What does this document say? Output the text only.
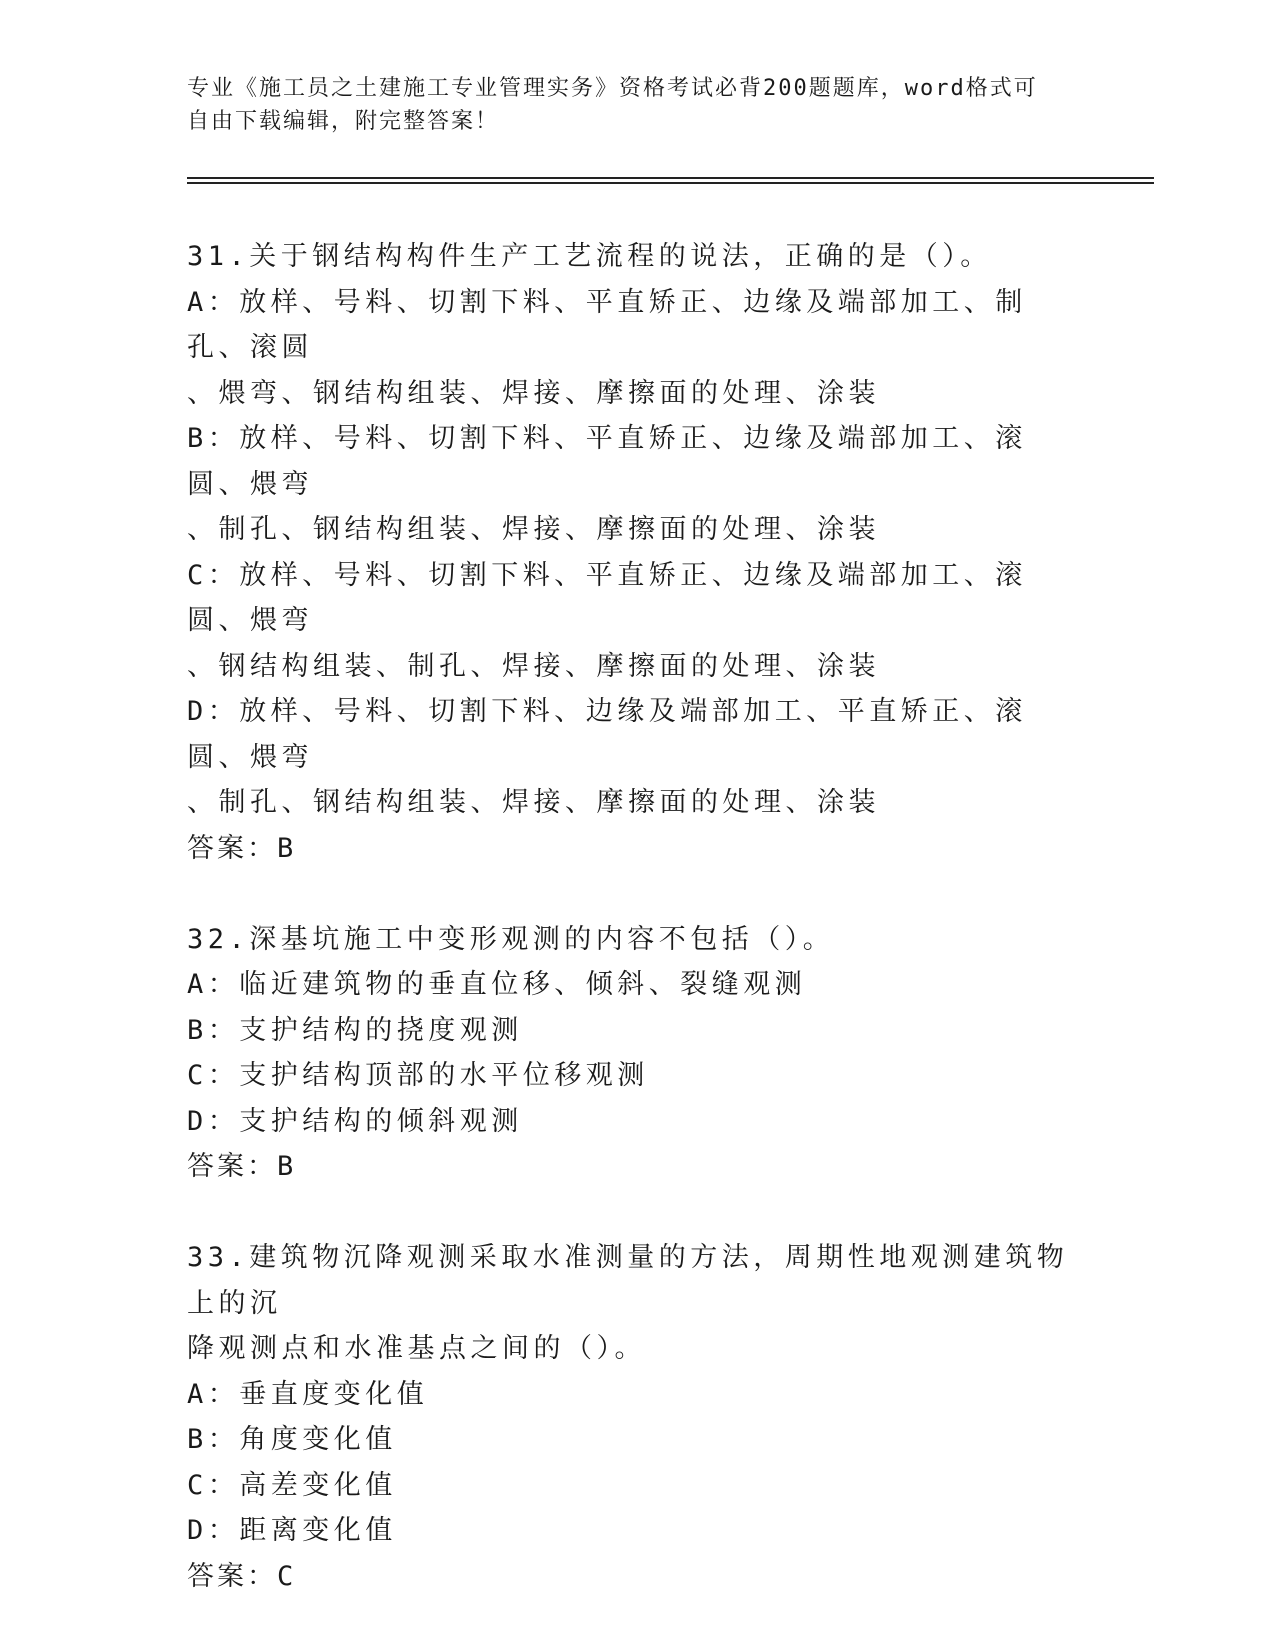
专业《施工员之土建施工专业管理实务》资格考试必背200题题库，word格式可
自由下载编辑，附完整答案！
31.关于钢结构构件生产工艺流程的说法，正确的是（）。
A：放样、号料、切割下料、平直矫正、边缘及端部加工、制孔、滚圆
、煨弯、钢结构组装、焊接、摩擦面的处理、涂装
B：放样、号料、切割下料、平直矫正、边缘及端部加工、滚圆、煨弯
、制孔、钢结构组装、焊接、摩擦面的处理、涂装
C：放样、号料、切割下料、平直矫正、边缘及端部加工、滚圆、煨弯
、钢结构组装、制孔、焊接、摩擦面的处理、涂装
D：放样、号料、切割下料、边缘及端部加工、平直矫正、滚圆、煨弯
、制孔、钢结构组装、焊接、摩擦面的处理、涂装
答案：B
32.深基坑施工中变形观测的内容不包括（）。
A：临近建筑物的垂直位移、倾斜、裂缝观测
B：支护结构的挠度观测
C：支护结构顶部的水平位移观测
D：支护结构的倾斜观测
答案：B
33.建筑物沉降观测采取水准测量的方法，周期性地观测建筑物上的沉
降观测点和水准基点之间的（）。
A：垂直度变化值
B：角度变化值
C：高差变化值
D：距离变化值
答案：C
